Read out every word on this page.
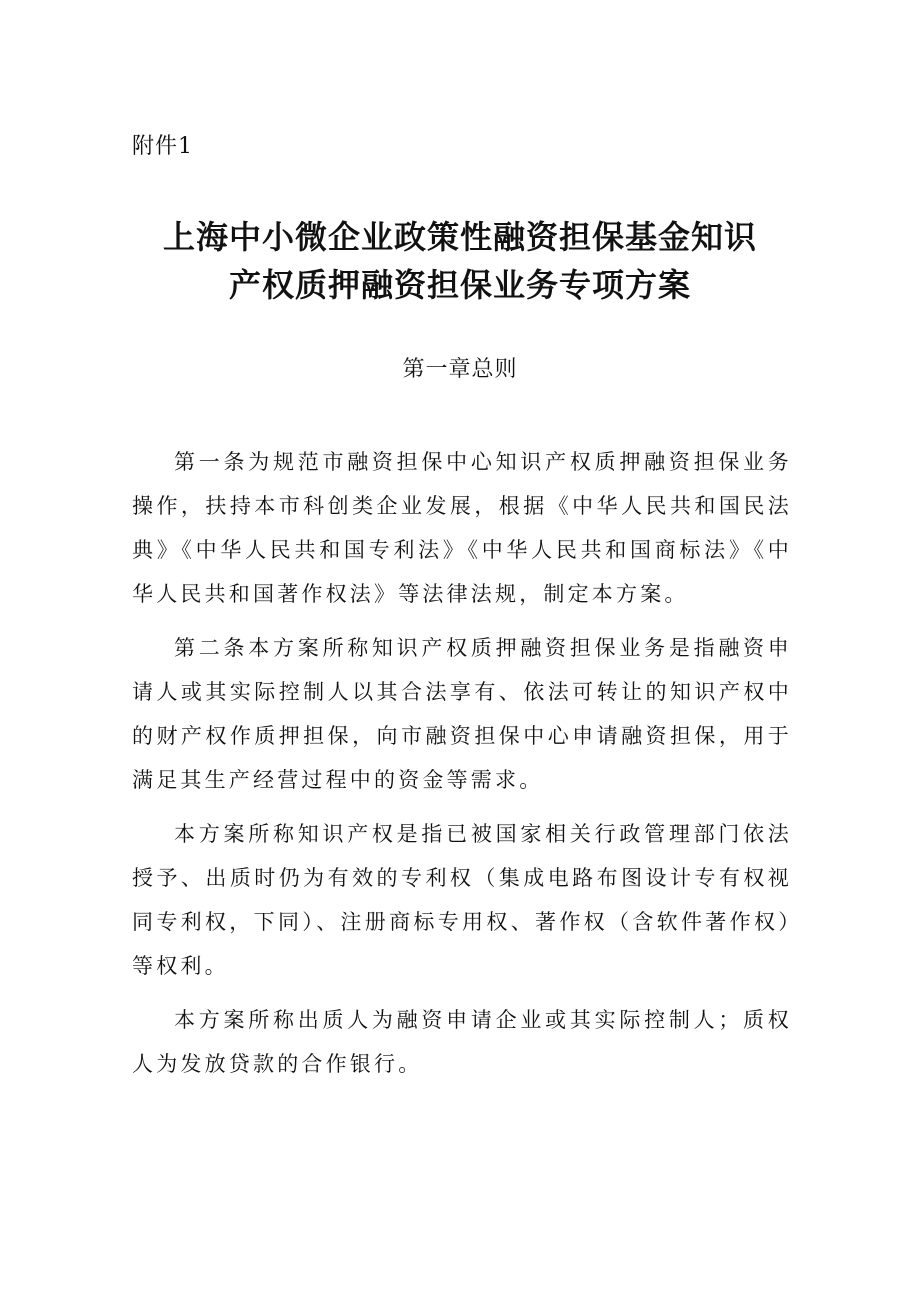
附件1
上海中小微企业政策性融资担保基金知识
产权质押融资担保业务专项方案
第一章总则

第一条为规范市融资担保中心知识产权质押融资担保业务操作，扶持本市科创类企业发展，根据《中华人民共和国民法典》《中华人民共和国专利法》《中华人民共和国商标法》《中华人民共和国著作权法》等法律法规，制定本方案。

第二条本方案所称知识产权质押融资担保业务是指融资申请人或其实际控制人以其合法享有、依法可转让的知识产权中的财产权作质押担保，向市融资担保中心申请融资担保，用于满足其生产经营过程中的资金等需求。

本方案所称知识产权是指已被国家相关行政管理部门依法授予、出质时仍为有效的专利权（集成电路布图设计专有权视同专利权，下同）、注册商标专用权、著作权（含软件著作权）等权利。

本方案所称出质人为融资申请企业或其实际控制人；质权人为发放贷款的合作银行。
